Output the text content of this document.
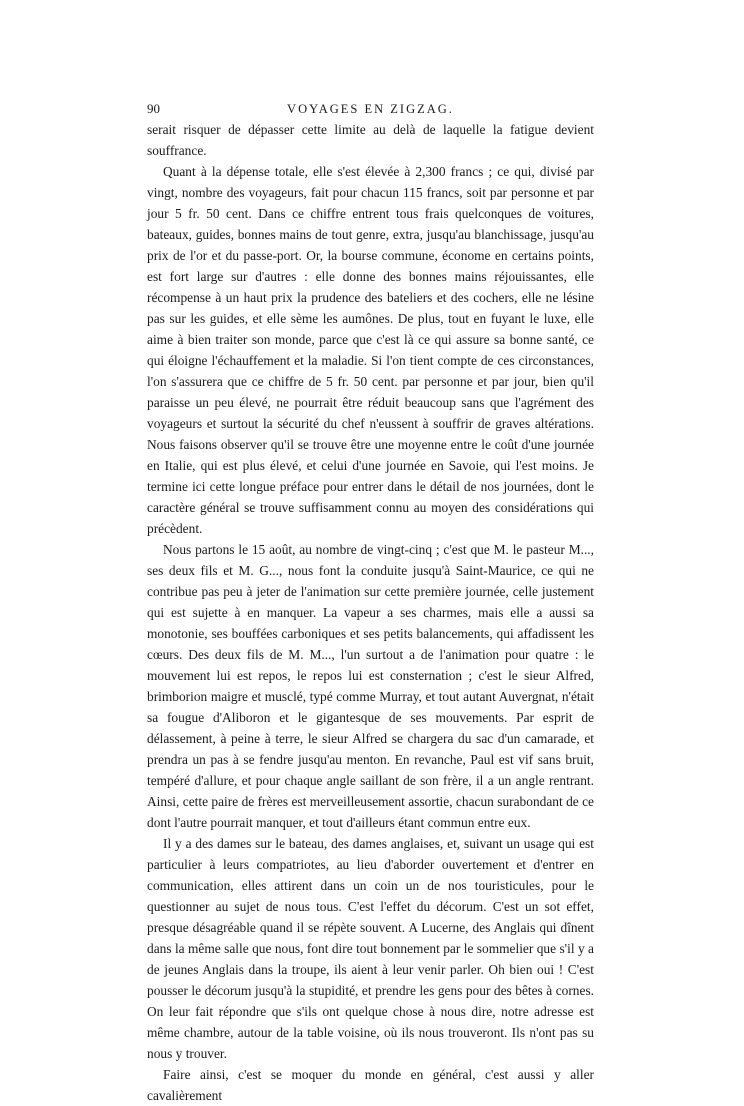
90	VOYAGES EN ZIGZAG.

serait risquer de dépasser cette limite au delà de laquelle la fatigue devient souffrance.

Quant à la dépense totale, elle s'est élevée à 2,300 francs ; ce qui, divisé par vingt, nombre des voyageurs, fait pour chacun 115 francs, soit par personne et par jour 5 fr. 50 cent. Dans ce chiffre entrent tous frais quelconques de voitures, bateaux, guides, bonnes mains de tout genre, extra, jusqu'au blanchissage, jusqu'au prix de l'or et du passe-port. Or, la bourse commune, économe en certains points, est fort large sur d'autres : elle donne des bonnes mains réjouissantes, elle récompense à un haut prix la prudence des bateliers et des cochers, elle ne lésine pas sur les guides, et elle sème les aumônes. De plus, tout en fuyant le luxe, elle aime à bien traiter son monde, parce que c'est là ce qui assure sa bonne santé, ce qui éloigne l'échauffement et la maladie. Si l'on tient compte de ces circonstances, l'on s'assurera que ce chiffre de 5 fr. 50 cent. par personne et par jour, bien qu'il paraisse un peu élevé, ne pourrait être réduit beaucoup sans que l'agrément des voyageurs et surtout la sécurité du chef n'eussent à souffrir de graves altérations. Nous faisons observer qu'il se trouve être une moyenne entre le coût d'une journée en Italie, qui est plus élevé, et celui d'une journée en Savoie, qui l'est moins. Je termine ici cette longue préface pour entrer dans le détail de nos journées, dont le caractère général se trouve suffisamment connu au moyen des considérations qui précèdent.

Nous partons le 15 août, au nombre de vingt-cinq ; c'est que M. le pasteur M..., ses deux fils et M. G..., nous font la conduite jusqu'à Saint-Maurice, ce qui ne contribue pas peu à jeter de l'animation sur cette première journée, celle justement qui est sujette à en manquer. La vapeur a ses charmes, mais elle a aussi sa monotonie, ses bouffées carboniques et ses petits balancements, qui affadissent les cœurs. Des deux fils de M. M..., l'un surtout a de l'animation pour quatre : le mouvement lui est repos, le repos lui est consternation ; c'est le sieur Alfred, brimborion maigre et musclé, typé comme Murray, et tout autant Auvergnat, n'était sa fougue d'Aliboron et le gigantesque de ses mouvements. Par esprit de délassement, à peine à terre, le sieur Alfred se chargera du sac d'un camarade, et prendra un pas à se fendre jusqu'au menton. En revanche, Paul est vif sans bruit, tempéré d'allure, et pour chaque angle saillant de son frère, il a un angle rentrant. Ainsi, cette paire de frères est merveilleusement assortie, chacun surabondant de ce dont l'autre pourrait manquer, et tout d'ailleurs étant commun entre eux.

Il y a des dames sur le bateau, des dames anglaises, et, suivant un usage qui est particulier à leurs compatriotes, au lieu d'aborder ouvertement et d'entrer en communication, elles attirent dans un coin un de nos touristicules, pour le questionner au sujet de nous tous. C'est l'effet du décorum. C'est un sot effet, presque désagréable quand il se répète souvent. A Lucerne, des Anglais qui dînent dans la même salle que nous, font dire tout bonnement par le sommelier que s'il y a de jeunes Anglais dans la troupe, ils aient à leur venir parler. Oh bien oui ! C'est pousser le décorum jusqu'à la stupidité, et prendre les gens pour des bêtes à cornes. On leur fait répondre que s'ils ont quelque chose à nous dire, notre adresse est même chambre, autour de la table voisine, où ils nous trouveront. Ils n'ont pas su nous y trouver.

Faire ainsi, c'est se moquer du monde en général, c'est aussi y aller cavalièrement
